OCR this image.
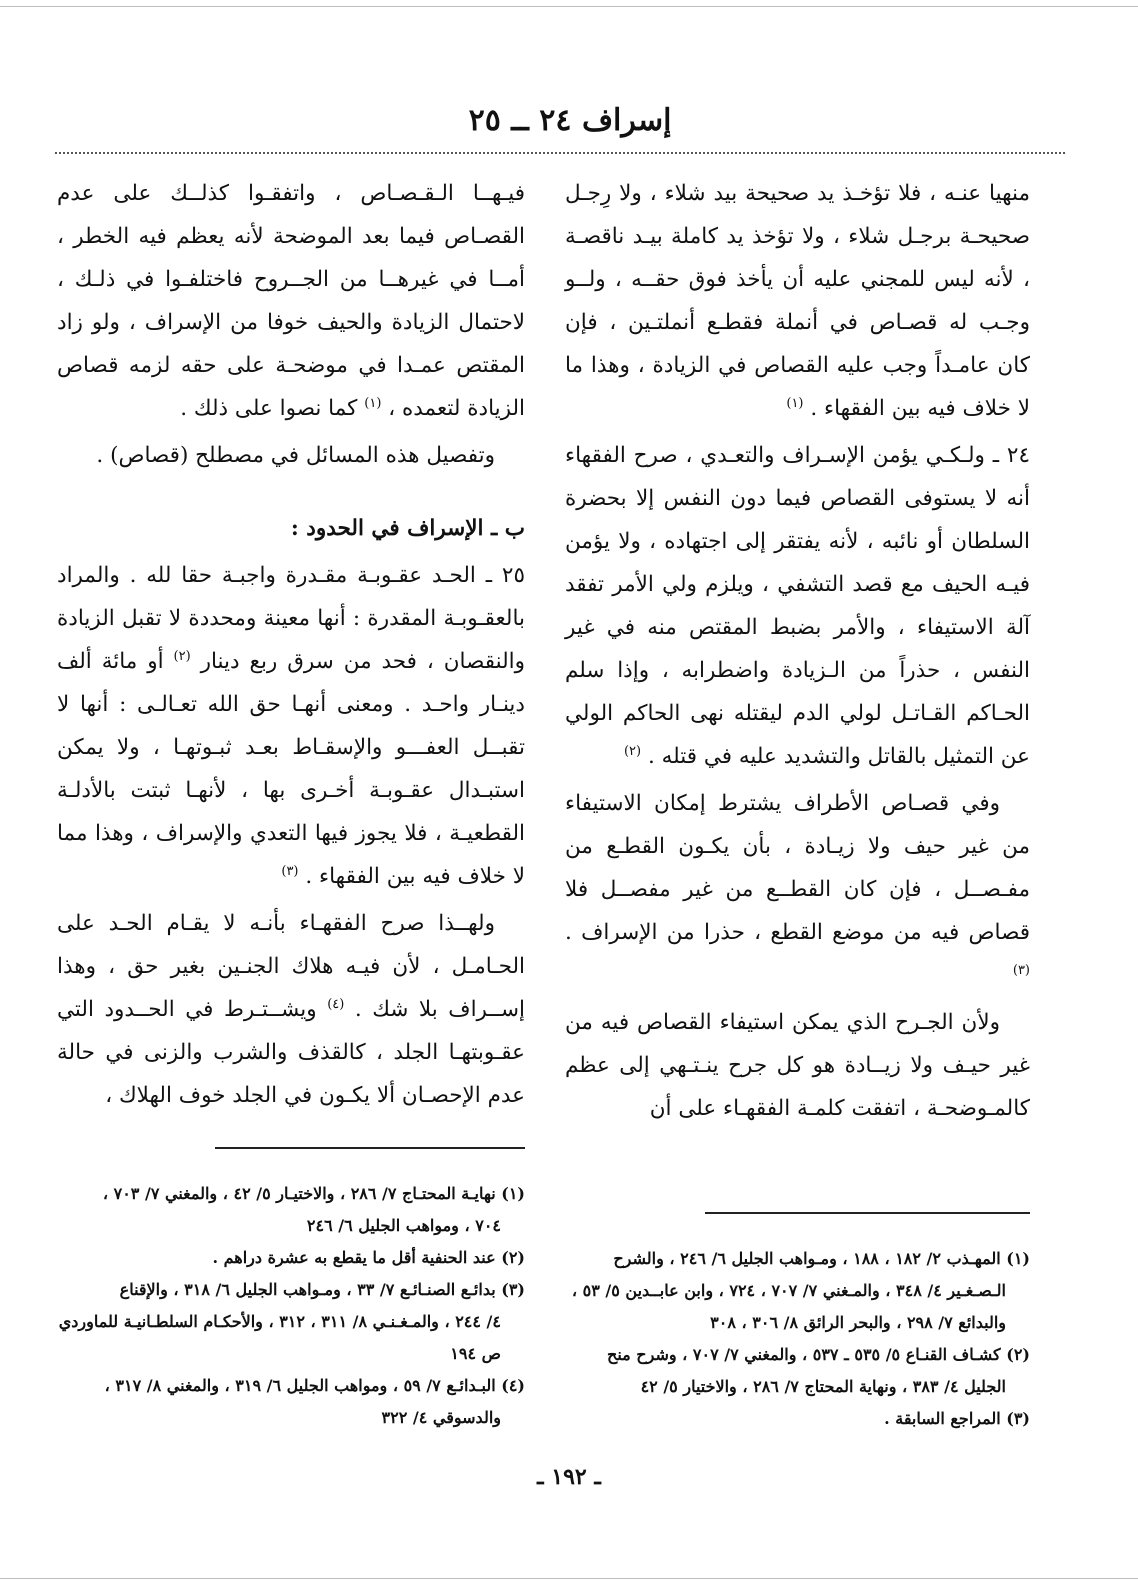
إسراف ٢٤ ــ ٢٥

منهيا عنـه ، فلا تؤخـذ يد صحيحة بيد شلاء ، ولا رِجـل صحيحـة برجـل شلاء ، ولا تؤخذ يد كاملة بيـد ناقصـة ، لأنه ليس للمجني عليه أن يأخذ فوق حقــه ، ولــو وجـب له قصـاص في أنملة فقطـع أنملتـين ، فإن كان عامـداً وجب عليه القصاص في الزيادة ، وهذا ما لا خلاف فيه بين الفقهاء . $^{(١)}$

٢٤ ـ ولـكـي يؤمن الإسـراف والتعـدي ، صرح الفقهاء أنه لا يستوفى القصاص فيما دون النفس إلا بحضرة السلطان أو نائبه ، لأنه يفتقر إلى اجتهاده ، ولا يؤمن فيـه الحيف مع قصد التشفي ، ويلزم ولي الأمر تفقد آلة الاستيفاء ، والأمر بضبط المقتص منه في غير النفس ، حذراً من الـزيادة واضطرابه ، وإذا سلم الحـاكم القـاتـل لولي الدم ليقتله نهى الحاكم الولي عن التمثيل بالقاتل والتشديد عليه في قتله . $^{(٢)}$

وفي قصـاص الأطراف يشترط إمكان الاستيفاء من غير حيف ولا زيـادة ، بأن يكـون القطـع من مفـصــل ، فإن كان القطــع من غير مفصــل فلا قصاص فيه من موضع القطع ، حذرا من الإسراف . $^{(٣)}$

ولأن الجـرح الذي يمكن استيفاء القصاص فيه من غير حيـف ولا زيــادة هو كل جرح ينـتـهي إلى عظم كالمـوضحـة ، اتفقت كلمـة الفقهـاء على أن

فيـهــا الـقـصـاص ، واتفقـوا كذلــك على عدم القصـاص فيما بعد الموضحة لأنه يعظم فيه الخطر ، أمــا في غيرهــا من الجــروح فاختلفـوا في ذلـك ، لاحتمال الزيادة والحيف خوفا من الإسراف ، ولو زاد المقتص عمـدا في موضحـة على حقه لزمه قصاص الزيادة لتعمده ، $^{(١)}$ كما نصوا على ذلك .

وتفصيل هذه المسائل في مصطلح (قصاص) .

ب ـ الإسراف في الحدود :

٢٥ ـ الحـد عقـوبـة مقـدرة واجبـة حقا لله . والمراد بالعقـوبـة المقدرة : أنها معينة ومحددة لا تقبل الزيادة والنقصان ، فحد من سرق ربع دينار $^{(٢)}$ أو مائة ألف دينـار واحـد . ومعنى أنهـا حق الله تعـالـى : أنها لا تقبــل العفـــو والإسقـاط بعـد ثبـوتهـا ، ولا يمكن استبـدال عقـوبـة أخـرى بها ، لأنهـا ثبتت بالأدلـة القطعيـة ، فلا يجوز فيها التعدي والإسراف ، وهذا مما لا خلاف فيه بين الفقهاء . $^{(٣)}$

ولهــذا صرح الفقهـاء بأنـه لا يقـام الحـد على الحـامـل ، لأن فيـه هلاك الجنـين بغير حق ، وهذا إســراف بلا شك . $^{(٤)}$ ويشــتـرط في الحــدود التي عقـوبتهـا الجلد ، كالقذف والشرب والزنى في حالة عدم الإحصـان ألا يكـون في الجلد خوف الهلاك ،

(١) نهايـة المحتـاج ٧/ ٢٨٦ ، والاختيـار ٥/ ٤٢ ، والمغني ٧/ ٧٠٣ ،
٧٠٤ ، ومواهب الجليل ٦/ ٢٤٦

(٢) عند الحنفية أقل ما يقطع به عشرة دراهم .

(٣) بدائـع الصنـائـع ٧/ ٣٣ ، ومـواهب الجليل ٦/ ٣١٨ ، والإقناع
٤/ ٢٤٤ ، والمـغـنـي ٨/ ٣١١ ، ٣١٢ ، والأحكـام السلطـانيـة للماوردي ص ١٩٤

(٤) البـدائـع ٧/ ٥٩ ، ومواهب الجليل ٦/ ٣١٩ ، والمغني ٨/ ٣١٧ ،
والدسوقي ٤/ ٣٢٢

(١) المهـذب ٢/ ١٨٢ ، ١٨٨ ، ومـواهب الجليل ٦/ ٢٤٦ ، والشرح
الـصـغـير ٤/ ٣٤٨ ، والمـغني ٧/ ٧٠٧ ، ٧٢٤ ، وابن عابــدين ٥/ ٥٣ ، والبدائع ٧/ ٢٩٨ ، والبحر الرائق ٨/ ٣٠٦ ، ٣٠٨

(٢) كشـاف القنـاع ٥/ ٥٣٥ ـ ٥٣٧ ، والمغني ٧/ ٧٠٧ ، وشرح منح
الجليل ٤/ ٣٨٣ ، ونهاية المحتاج ٧/ ٢٨٦ ، والاختيار ٥/ ٤٢

(٣) المراجع السابقة .

ـ ١٩٢ ـ
